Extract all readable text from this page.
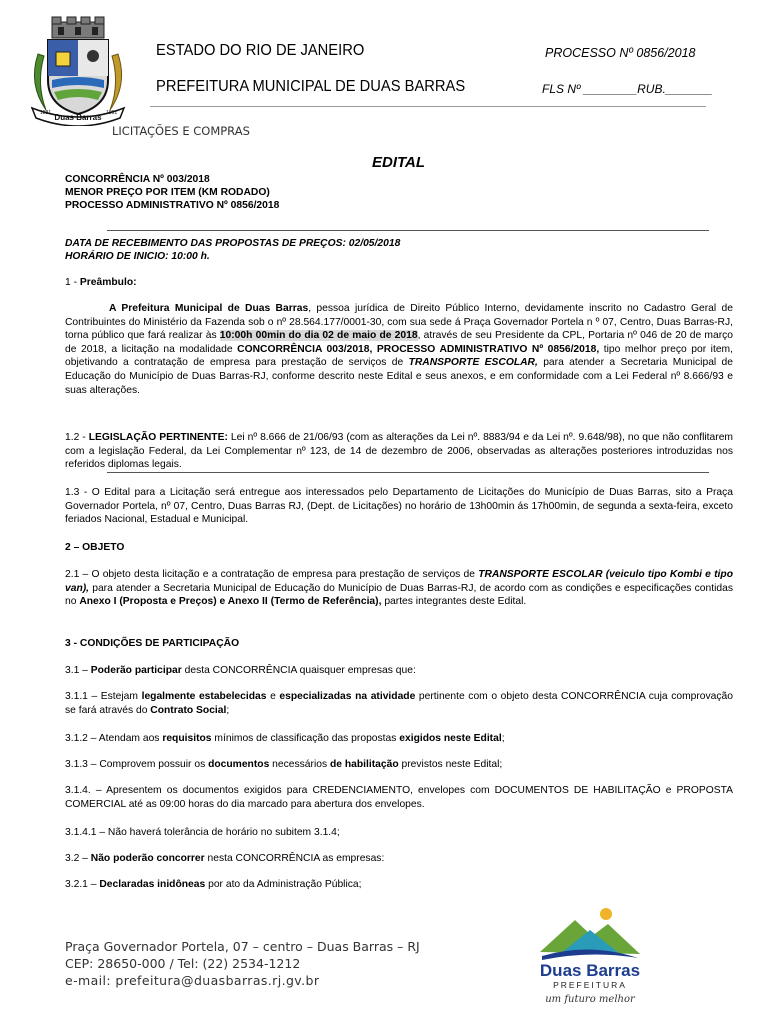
Duas Barras
1881	1891
ESTADO DO RIO DE JANEIRO
PREFEITURA MUNICIPAL DE DUAS BARRAS
PROCESSO Nº 0856/2018
FLS Nº ________RUB._______
LICITAÇÕES E COMPRAS
EDITAL
CONCORRÊNCIA Nº 003/2018
MENOR PREÇO POR ITEM (KM RODADO)
PROCESSO ADMINISTRATIVO Nº 0856/2018
DATA DE RECEBIMENTO DAS PROPOSTAS DE PREÇOS: 02/05/2018
HORÁRIO DE INICIO: 10:00 h.
1 - Preâmbulo:

A Prefeitura Municipal de Duas Barras, pessoa jurídica de Direito Público Interno, devidamente inscrito no Cadastro Geral de Contribuintes do Ministério da Fazenda sob o nº 28.564.177/0001-30, com sua sede á Praça Governador Portela n º 07, Centro, Duas Barras-RJ, torna público que fará realizar às 10:00h 00min do dia 02 de maio de 2018, através de seu Presidente da CPL, Portaria nº 046 de 20 de março de 2018, a licitação na modalidade CONCORRÊNCIA 003/2018, PROCESSO ADMINISTRATIVO Nº 0856/2018, tipo melhor preço por item, objetivando a contratação de empresa para prestação de serviços de TRANSPORTE ESCOLAR, para atender a Secretaria Municipal de Educação do Município de Duas Barras-RJ, conforme descrito neste Edital e seus anexos, e em conformidade com a Lei Federal nº 8.666/93 e suas alterações.

1.2 - LEGISLAÇÃO PERTINENTE: Lei nº 8.666 de 21/06/93 (com as alterações da Lei nº. 8883/94 e da Lei nº. 9.648/98), no que não conflitarem com a legislação Federal, da Lei Complementar nº 123, de 14 de dezembro de 2006, observadas as alterações posteriores introduzidas nos referidos diplomas legais.

1.3 - O Edital para a Licitação será entregue aos interessados pelo Departamento de Licitações do Município de Duas Barras, sito a Praça Governador Portela, nº 07, Centro, Duas Barras RJ, (Dept. de Licitações) no horário de 13h00min ás 17h00min, de segunda a sexta-feira, exceto feriados Nacional, Estadual e Municipal.
2 – OBJETO

2.1 – O objeto desta licitação e a contratação de empresa para prestação de serviços de TRANSPORTE ESCOLAR (veiculo tipo Kombi e tipo van), para atender a Secretaria Municipal de Educação do Município de Duas Barras-RJ, de acordo com as condições e especificações contidas no Anexo I (Proposta e Preços) e Anexo II (Termo de Referência), partes integrantes deste Edital.

3 - CONDIÇÕES DE PARTICIPAÇÃO
3.1 – Poderão participar desta CONCORRÊNCIA quaisquer empresas que:

3.1.1 – Estejam legalmente estabelecidas e especializadas na atividade pertinente com o objeto desta CONCORRÊNCIA cuja comprovação se fará através do Contrato Social;

3.1.2 – Atendam aos requisitos mínimos de classificação das propostas exigidos neste Edital;
3.1.3 – Comprovem possuir os documentos necessários de habilitação previstos neste Edital;
3.1.4. – Apresentem os documentos exigidos para CREDENCIAMENTO, envelopes com DOCUMENTOS DE HABILITAÇÃO e PROPOSTA COMERCIAL até as 09:00 horas do dia marcado para abertura dos envelopes.
3.1.4.1 – Não haverá tolerância de horário no subitem 3.1.4;
3.2 – Não poderão concorrer nesta CONCORRÊNCIA as empresas:
3.2.1 – Declaradas inidôneas por ato da Administração Pública;
Praça Governador Portela, 07 – centro – Duas Barras – RJ
CEP: 28650-000 / Tel: (22) 2534-1212
e-mail: prefeitura@duasbarras.rj.gv.br
Duas Barras
PREFEITURA
um futuro melhor
